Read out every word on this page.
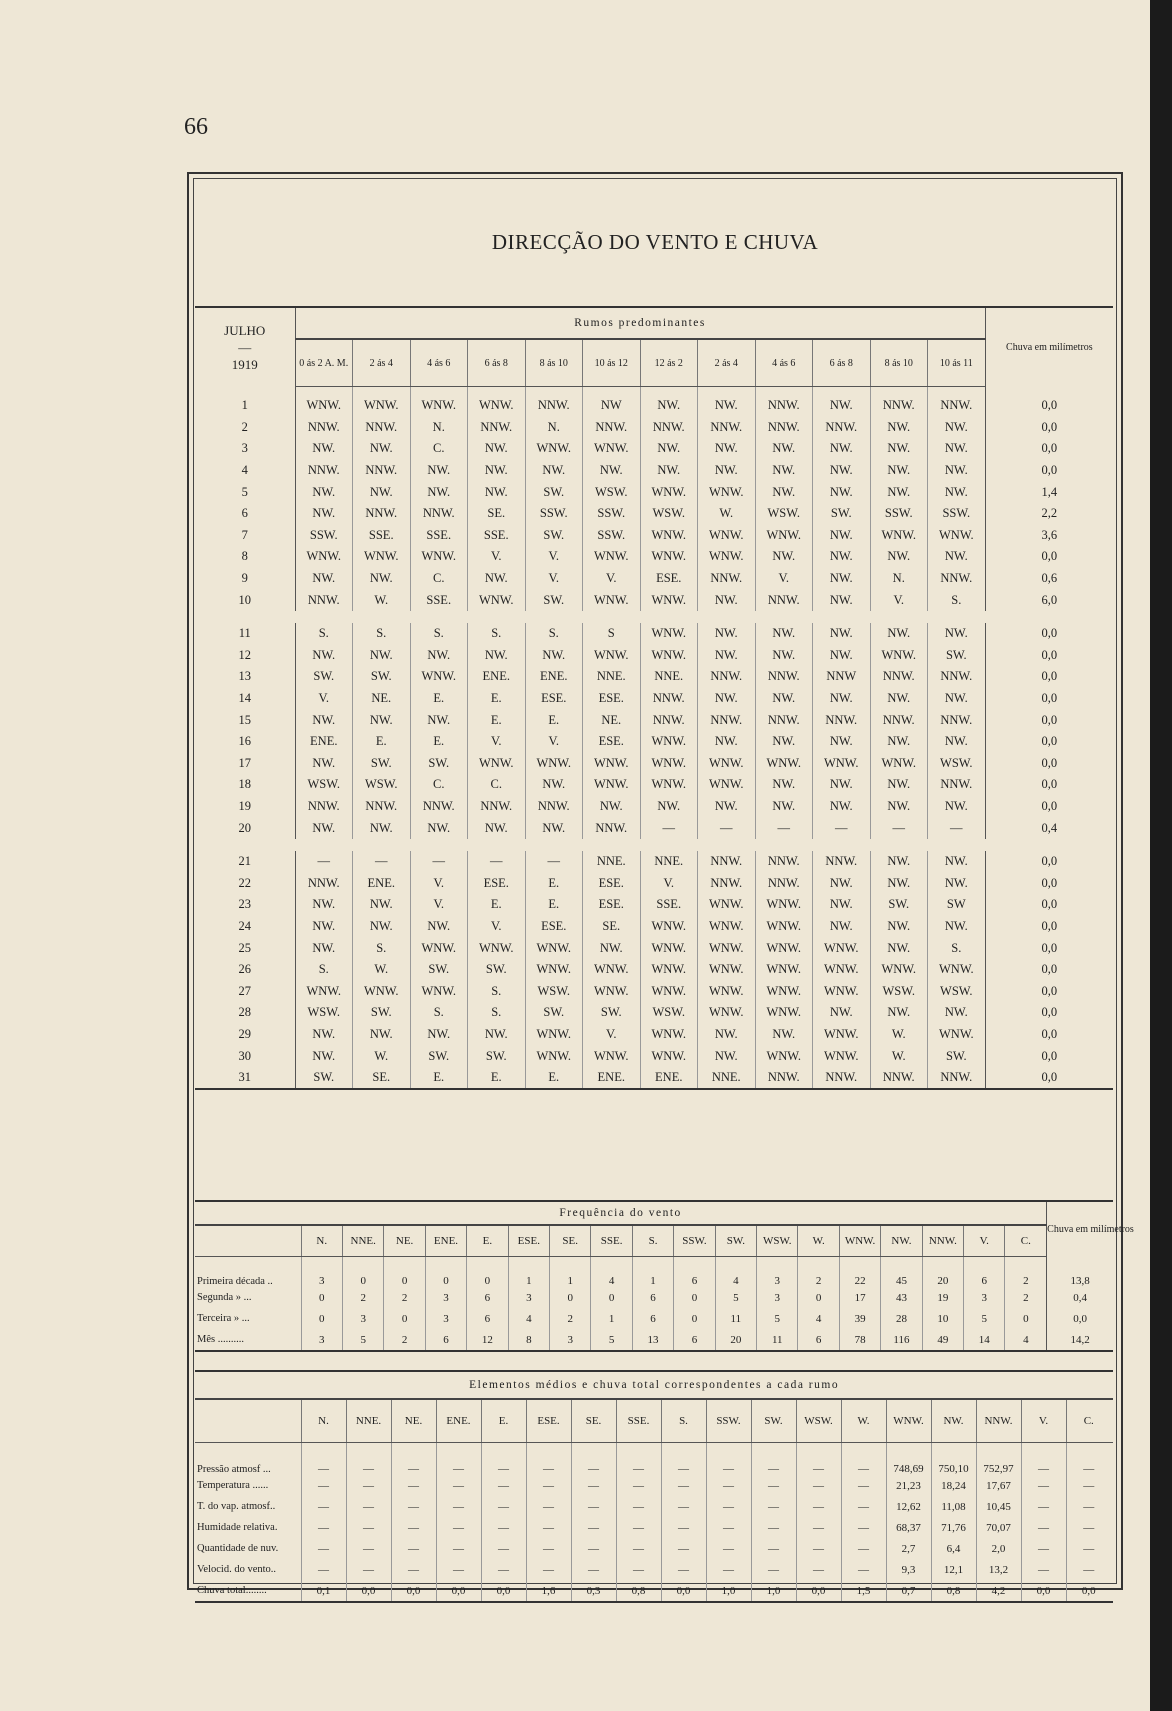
66
DIRECÇÃO DO VENTO E CHUVA
JULHO
—
1919	Rumos predominantes												Chuva em milímetros
	0 ás 2 A. M.	2 ás 4	4 ás 6	6 ás 8	8 ás 10	10 ás 12	12 ás 2	2 ás 4	4 ás 6	6 ás 8	8 ás 10	10 ás 11	
1	WNW.	WNW.	WNW.	WNW.	NNW.	NW	NW.	NW.	NNW.	NW.	NNW.	NNW.	0,0
2	NNW.	NNW.	N.	NNW.	N.	NNW.	NNW.	NNW.	NNW.	NNW.	NW.	NW.	0,0
3	NW.	NW.	C.	NW.	WNW.	WNW.	NW.	NW.	NW.	NW.	NW.	NW.	0,0
4	NNW.	NNW.	NW.	NW.	NW.	NW.	NW.	NW.	NW.	NW.	NW.	NW.	0,0
5	NW.	NW.	NW.	NW.	SW.	WSW.	WNW.	WNW.	NW.	NW.	NW.	NW.	1,4
6	NW.	NNW.	NNW.	SE.	SSW.	SSW.	WSW.	W.	WSW.	SW.	SSW.	SSW.	2,2
7	SSW.	SSE.	SSE.	SSE.	SW.	SSW.	WNW.	WNW.	WNW.	NW.	WNW.	WNW.	3,6
8	WNW.	WNW.	WNW.	V.	V.	WNW.	WNW.	WNW.	NW.	NW.	NW.	NW.	0,0
9	NW.	NW.	C.	NW.	V.	V.	ESE.	NNW.	V.	NW.	N.	NNW.	0,6
10	NNW.	W.	SSE.	WNW.	SW.	WNW.	WNW.	NW.	NNW.	NW.	V.	S.	6,0

11	S.	S.	S.	S.	S.	S	WNW.	NW.	NW.	NW.	NW.	NW.	0,0
12	NW.	NW.	NW.	NW.	NW.	WNW.	WNW.	NW.	NW.	NW.	WNW.	SW.	0,0
13	SW.	SW.	WNW.	ENE.	ENE.	NNE.	NNE.	NNW.	NNW.	NNW	NNW.	NNW.	0,0
14	V.	NE.	E.	E.	ESE.	ESE.	NNW.	NW.	NW.	NW.	NW.	NW.	0,0
15	NW.	NW.	NW.	E.	E.	NE.	NNW.	NNW.	NNW.	NNW.	NNW.	NNW.	0,0
16	ENE.	E.	E.	V.	V.	ESE.	WNW.	NW.	NW.	NW.	NW.	NW.	0,0
17	NW.	SW.	SW.	WNW.	WNW.	WNW.	WNW.	WNW.	WNW.	WNW.	WNW.	WSW.	0,0
18	WSW.	WSW.	C.	C.	NW.	WNW.	WNW.	WNW.	NW.	NW.	NW.	NNW.	0,0
19	NNW.	NNW.	NNW.	NNW.	NNW.	NW.	NW.	NW.	NW.	NW.	NW.	NW.	0,0
20	NW.	NW.	NW.	NW.	NW.	NNW.	—	—	—	—	—	—	0,4

21	—	—	—	—	—	NNE.	NNE.	NNW.	NNW.	NNW.	NW.	NW.	0,0
22	NNW.	ENE.	V.	ESE.	E.	ESE.	V.	NNW.	NNW.	NW.	NW.	NW.	0,0
23	NW.	NW.	V.	E.	E.	ESE.	SSE.	WNW.	WNW.	NW.	SW.	SW	0,0
24	NW.	NW.	NW.	V.	ESE.	SE.	WNW.	WNW.	WNW.	NW.	NW.	NW.	0,0
25	NW.	S.	WNW.	WNW.	WNW.	NW.	WNW.	WNW.	WNW.	WNW.	NW.	S.	0,0
26	S.	W.	SW.	SW.	WNW.	WNW.	WNW.	WNW.	WNW.	WNW.	WNW.	WNW.	0,0
27	WNW.	WNW.	WNW.	S.	WSW.	WNW.	WNW.	WNW.	WNW.	WNW.	WSW.	WSW.	0,0
28	WSW.	SW.	S.	S.	SW.	SW.	WSW.	WNW.	WNW.	NW.	NW.	NW.	0,0
29	NW.	NW.	NW.	NW.	WNW.	V.	WNW.	NW.	NW.	WNW.	W.	WNW.	0,0
30	NW.	W.	SW.	SW.	WNW.	WNW.	WNW.	NW.	WNW.	WNW.	W.	SW.	0,0
31	SW.	SE.	E.	E.	E.	ENE.	ENE.	NNE.	NNW.	NNW.	NNW.	NNW.	0,0
Frequência do vento																			Chuva em milímetros
	N.	NNE.	NE.	ENE.	E.	ESE.	SE.	SSE.	S.	SSW.	SW.	WSW.	W.	WNW.	NW.	NNW.	V.	C.	
Primeira década ..	3	0	0	0	0	1	1	4	1	6	4	3	2	22	45	20	6	2	13,8
Segunda » ...	0	2	2	3	6	3	0	0	6	0	5	3	0	17	43	19	3	2	0,4
Terceira » ...	0	3	0	3	6	4	2	1	6	0	11	5	4	39	28	10	5	0	0,0
Mês ..........	3	5	2	6	12	8	3	5	13	6	20	11	6	78	116	49	14	4	14,2
Elementos médios e chuva total correspondentes a cada rumo																			
	N.	NNE.	NE.	ENE.	E.	ESE.	SE.	SSE.	S.	SSW.	SW.	WSW.	W.	WNW.	NW.	NNW.	V.	C.	
Pressão atmosf ...	—	—	—	—	—	—	—	—	—	—	—	—	—	748,69	750,10	752,97	—	—	
Temperatura ......	—	—	—	—	—	—	—	—	—	—	—	—	—	21,23	18,24	17,67	—	—	
T. do vap. atmosf..	—	—	—	—	—	—	—	—	—	—	—	—	—	12,62	11,08	10,45	—	—	
Humidade relativa.	—	—	—	—	—	—	—	—	—	—	—	—	—	68,37	71,76	70,07	—	—	
Quantidade de nuv.	—	—	—	—	—	—	—	—	—	—	—	—	—	2,7	6,4	2,0	—	—	
Velocid. do vento..	—	—	—	—	—	—	—	—	—	—	—	—	—	9,3	12,1	13,2	—	—	
Chuva total........	0,1	0,0	0,0	0,0	0,0	1,6	0,3	0,8	0,0	1,0	1,0	0,0	1,5	0,7	0,8	4,2	0,0	0,0	
